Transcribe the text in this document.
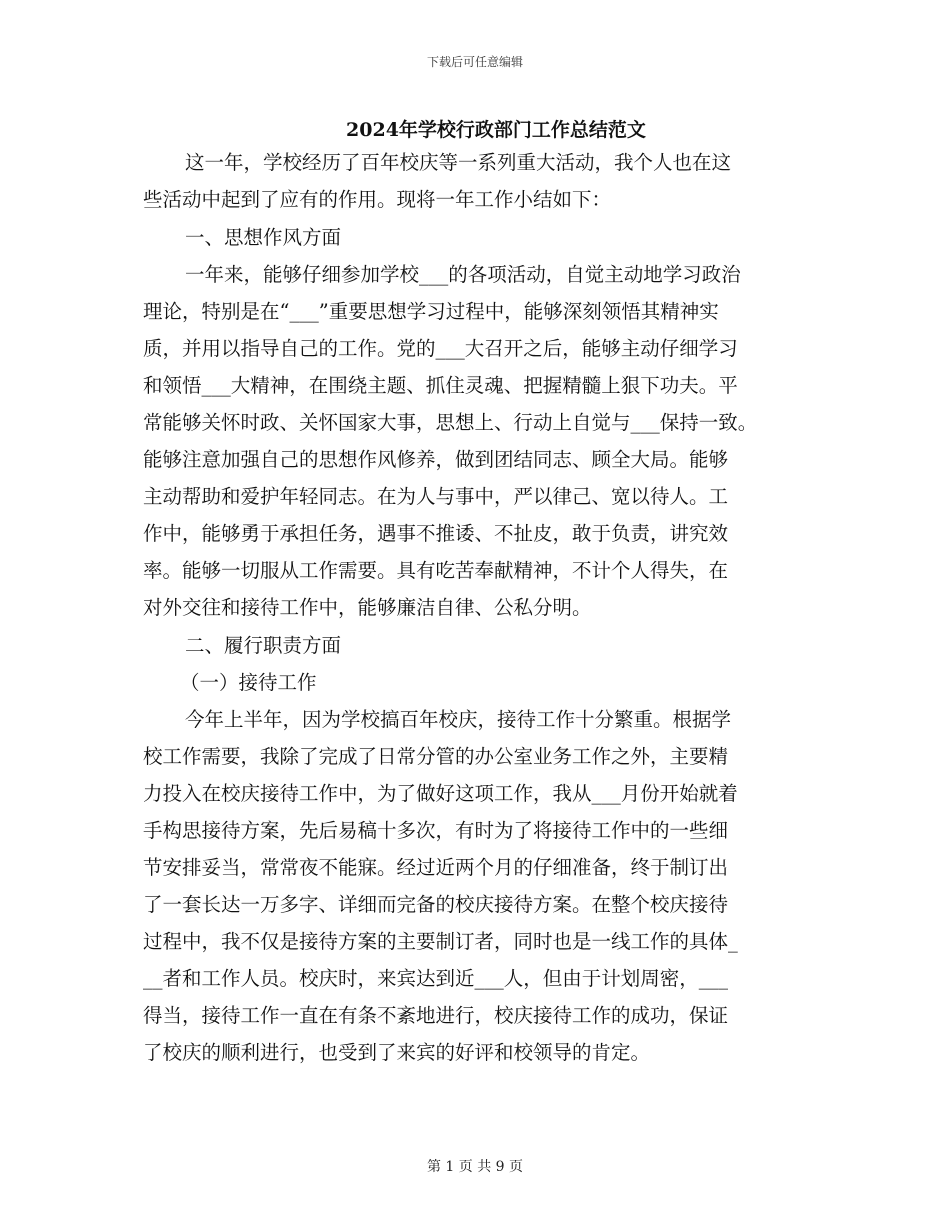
下载后可任意编辑
2024年学校行政部门工作总结范文
这一年，学校经历了百年校庆等一系列重大活动，我个人也在这
些活动中起到了应有的作用。现将一年工作小结如下：
一、思想作风方面
一年来，能够仔细参加学校___的各项活动，自觉主动地学习政治
理论，特别是在“___”重要思想学习过程中，能够深刻领悟其精神实
质，并用以指导自己的工作。党的___大召开之后，能够主动仔细学习
和领悟___大精神，在围绕主题、抓住灵魂、把握精髓上狠下功夫。平
常能够关怀时政、关怀国家大事，思想上、行动上自觉与___保持一致。
能够注意加强自己的思想作风修养，做到团结同志、顾全大局。能够
主动帮助和爱护年轻同志。在为人与事中，严以律己、宽以待人。工
作中，能够勇于承担任务，遇事不推诿、不扯皮，敢于负责，讲究效
率。能够一切服从工作需要。具有吃苦奉献精神，不计个人得失，在
对外交往和接待工作中，能够廉洁自律、公私分明。
二、履行职责方面
（一）接待工作
今年上半年，因为学校搞百年校庆，接待工作十分繁重。根据学
校工作需要，我除了完成了日常分管的办公室业务工作之外，主要精
力投入在校庆接待工作中，为了做好这项工作，我从___月份开始就着
手构思接待方案，先后易稿十多次，有时为了将接待工作中的一些细
节安排妥当，常常夜不能寐。经过近两个月的仔细准备，终于制订出
了一套长达一万多字、详细而完备的校庆接待方案。在整个校庆接待
过程中，我不仅是接待方案的主要制订者，同时也是一线工作的具体_
__者和工作人员。校庆时，来宾达到近___人，但由于计划周密，___
得当，接待工作一直在有条不紊地进行，校庆接待工作的成功，保证
了校庆的顺利进行，也受到了来宾的好评和校领导的肯定。
第 1 页 共 9 页
